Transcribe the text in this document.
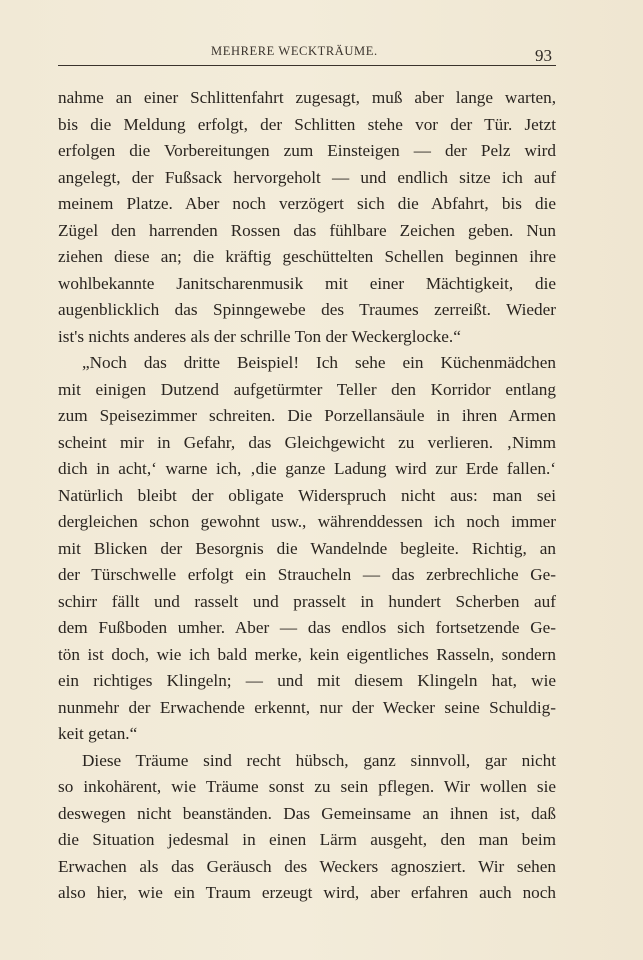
MEHRERE WECKTRÄUME.	93
nahme an einer Schlittenfahrt zugesagt, muß aber lange warten,
bis die Meldung erfolgt, der Schlitten stehe vor der Tür. Jetzt
erfolgen die Vorbereitungen zum Einsteigen — der Pelz wird
angelegt, der Fußsack hervorgeholt — und endlich sitze ich auf
meinem Platze. Aber noch verzögert sich die Abfahrt, bis die
Zügel den harrenden Rossen das fühlbare Zeichen geben. Nun
ziehen diese an; die kräftig geschüttelten Schellen beginnen ihre
wohlbekannte Janitscharenmusik mit einer Mächtigkeit, die
augenblicklich das Spinngewebe des Traumes zerreißt. Wieder
ist's nichts anderes als der schrille Ton der Weckerglocke.“
„Noch das dritte Beispiel! Ich sehe ein Küchenmädchen
mit einigen Dutzend aufgetürmter Teller den Korridor entlang
zum Speisezimmer schreiten. Die Porzellansäule in ihren Armen
scheint mir in Gefahr, das Gleichgewicht zu verlieren. ‚Nimm
dich in acht,‘ warne ich, ‚die ganze Ladung wird zur Erde fallen.‘
Natürlich bleibt der obligate Widerspruch nicht aus: man sei
dergleichen schon gewohnt usw., währenddessen ich noch immer
mit Blicken der Besorgnis die Wandelnde begleite. Richtig, an
der Türschwelle erfolgt ein Straucheln — das zerbrechliche Ge-
schirr fällt und rasselt und prasselt in hundert Scherben auf
dem Fußboden umher. Aber — das endlos sich fortsetzende Ge-
tön ist doch, wie ich bald merke, kein eigentliches Rasseln, sondern
ein richtiges Klingeln; — und mit diesem Klingeln hat, wie
nunmehr der Erwachende erkennt, nur der Wecker seine Schuldig-
keit getan.“
Diese Träume sind recht hübsch, ganz sinnvoll, gar nicht
so inkohärent, wie Träume sonst zu sein pflegen. Wir wollen sie
deswegen nicht beanständen. Das Gemeinsame an ihnen ist, daß
die Situation jedesmal in einen Lärm ausgeht, den man beim
Erwachen als das Geräusch des Weckers agnosziert. Wir sehen
also hier, wie ein Traum erzeugt wird, aber erfahren auch noch
